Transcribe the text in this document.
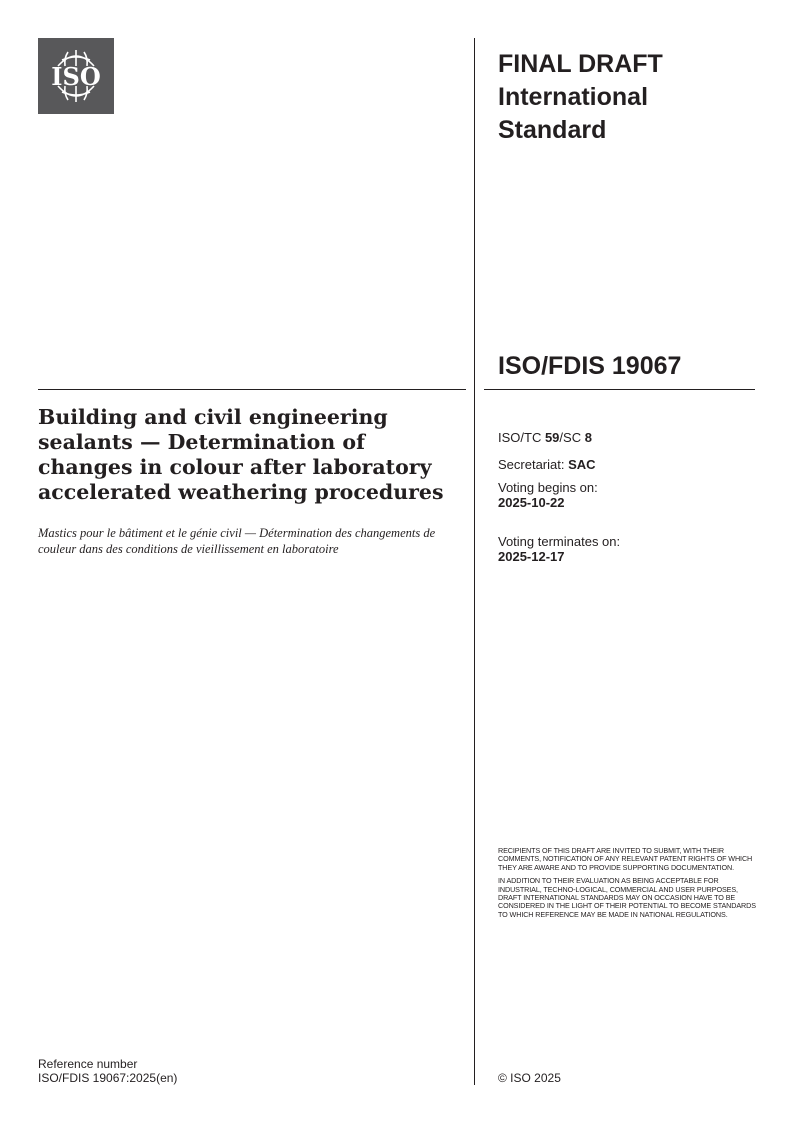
ISO	FINAL DRAFT
International
Standard
ISO/FDIS 19067
Building and civil engineering sealants — Determination of changes in colour after laboratory accelerated weathering procedures
Mastics pour le bâtiment et le génie civil — Détermination des changements de couleur dans des conditions de vieillissement en laboratoire
ISO/TC 59/SC 8
Secretariat: SAC
Voting begins on:
2025-10-22
Voting terminates on:
2025-12-17

RECIPIENTS OF THIS DRAFT ARE INVITED TO SUBMIT, WITH THEIR COMMENTS, NOTIFICATION OF ANY RELEVANT PATENT RIGHTS OF WHICH THEY ARE AWARE AND TO PROVIDE SUPPORTING DOCUMENTATION.

IN ADDITION TO THEIR EVALUATION AS BEING ACCEPTABLE FOR INDUSTRIAL, TECHNO-LOGICAL, COMMERCIAL AND USER PURPOSES, DRAFT INTERNATIONAL STANDARDS MAY ON OCCASION HAVE TO BE CONSIDERED IN THE LIGHT OF THEIR POTENTIAL TO BECOME STANDARDS TO WHICH REFERENCE MAY BE MADE IN NATIONAL REGULATIONS.

Reference number
ISO/FDIS 19067:2025(en)	© ISO 2025
